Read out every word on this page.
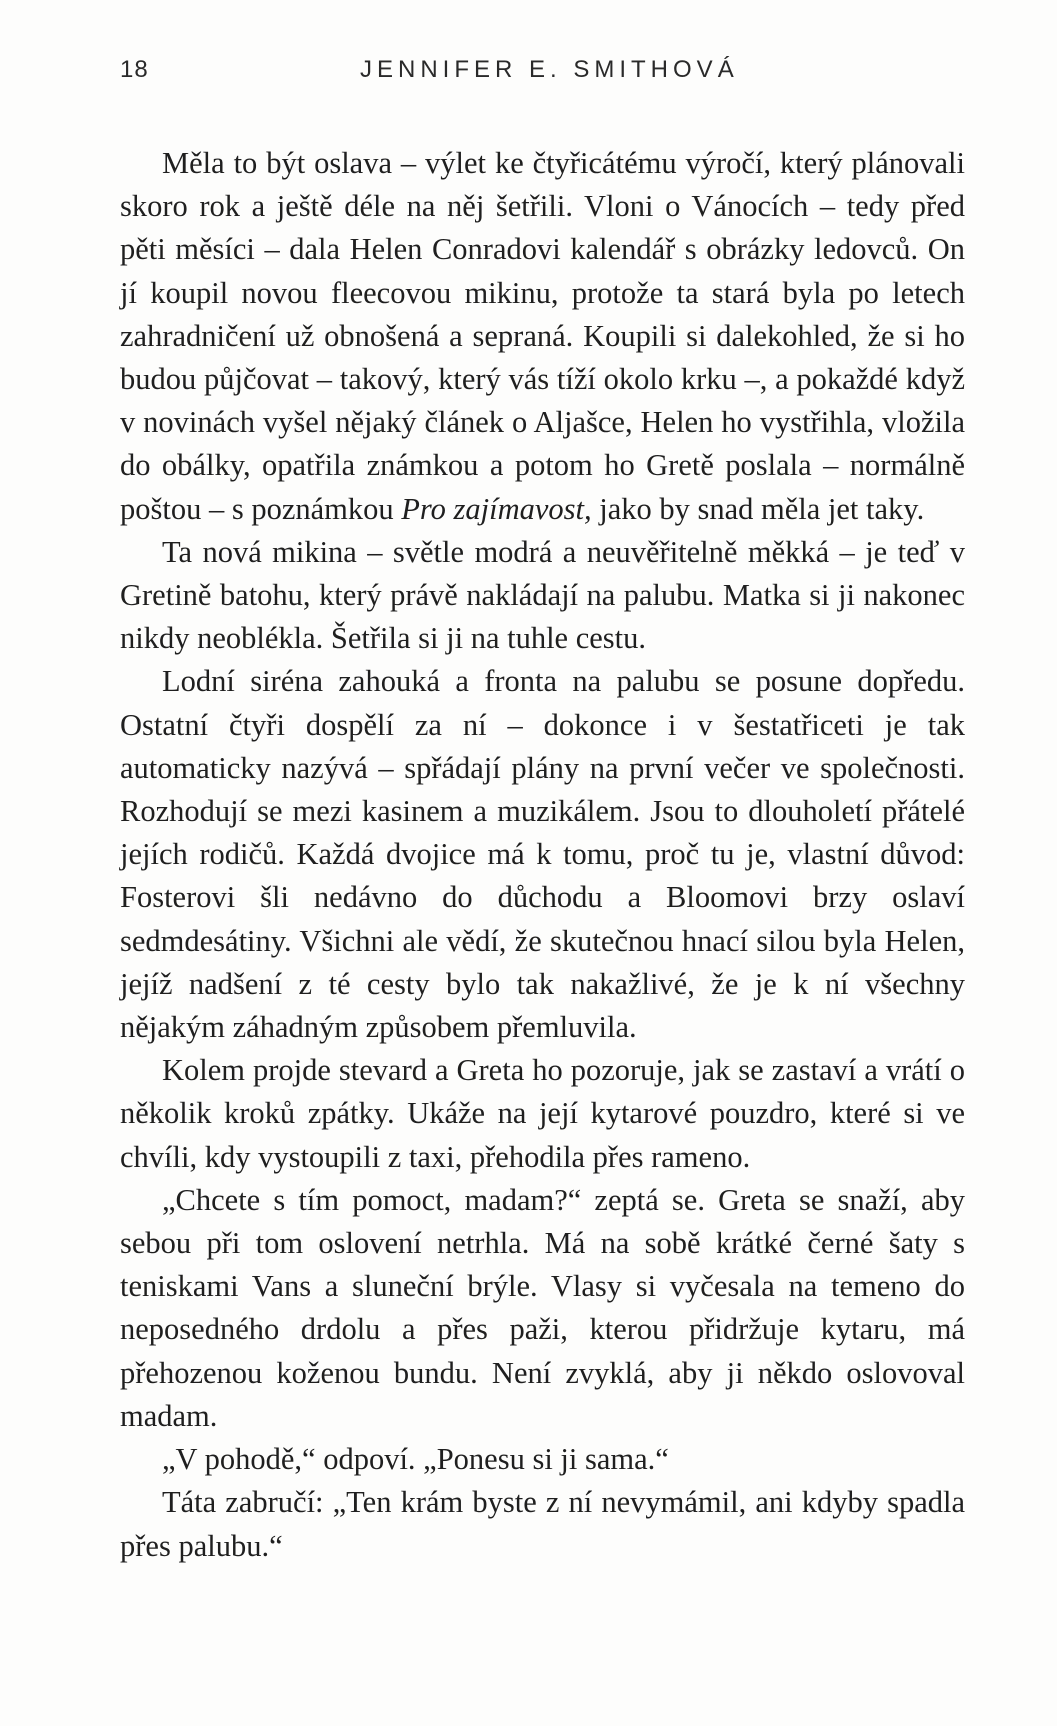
18	JENNIFER E. SMITHOVÁ

Měla to být oslava – výlet ke čtyřicátému výročí, který plánovali skoro rok a ještě déle na něj šetřili. Vloni o Vánocích – tedy před pěti měsíci – dala Helen Conradovi kalendář s obrázky ledovců. On jí koupil novou fleecovou mikinu, protože ta stará byla po letech zahradničení už obnošená a sepraná. Koupili si dalekohled, že si ho budou půjčovat – takový, který vás tíží okolo krku –, a pokaždé když v novinách vyšel nějaký článek o Aljašce, Helen ho vystřihla, vložila do obálky, opatřila známkou a potom ho Gretě poslala – normálně poštou – s poznámkou Pro zajímavost, jako by snad měla jet taky.

Ta nová mikina – světle modrá a neuvěřitelně měkká – je teď v Gretině batohu, který právě nakládají na palubu. Matka si ji nakonec nikdy neoblékla. Šetřila si ji na tuhle cestu.

Lodní siréna zahouká a fronta na palubu se posune dopředu. Ostatní čtyři dospělí za ní – dokonce i v šestatřiceti je tak automaticky nazývá – spřádají plány na první večer ve společnosti. Rozhodují se mezi kasinem a muzikálem. Jsou to dlouholetí přátelé jejích rodičů. Každá dvojice má k tomu, proč tu je, vlastní důvod: Fosterovi šli nedávno do důchodu a Bloomovi brzy oslaví sedmdesátiny. Všichni ale vědí, že skutečnou hnací silou byla Helen, jejíž nadšení z té cesty bylo tak nakažlivé, že je k ní všechny nějakým záhadným způsobem přemluvila.

Kolem projde stevard a Greta ho pozoruje, jak se zastaví a vrátí o několik kroků zpátky. Ukáže na její kytarové pouzdro, které si ve chvíli, kdy vystoupili z taxi, přehodila přes rameno.

„Chcete s tím pomoct, madam?“ zeptá se. Greta se snaží, aby sebou při tom oslovení netrhla. Má na sobě krátké černé šaty s teniskami Vans a sluneční brýle. Vlasy si vyčesala na temeno do neposedného drdolu a přes paži, kterou přidržuje kytaru, má přehozenou koženou bundu. Není zvyklá, aby ji někdo oslovoval madam.

„V pohodě,“ odpoví. „Ponesu si ji sama.“

Táta zabručí: „Ten krám byste z ní nevymámil, ani kdyby spadla přes palubu.“
